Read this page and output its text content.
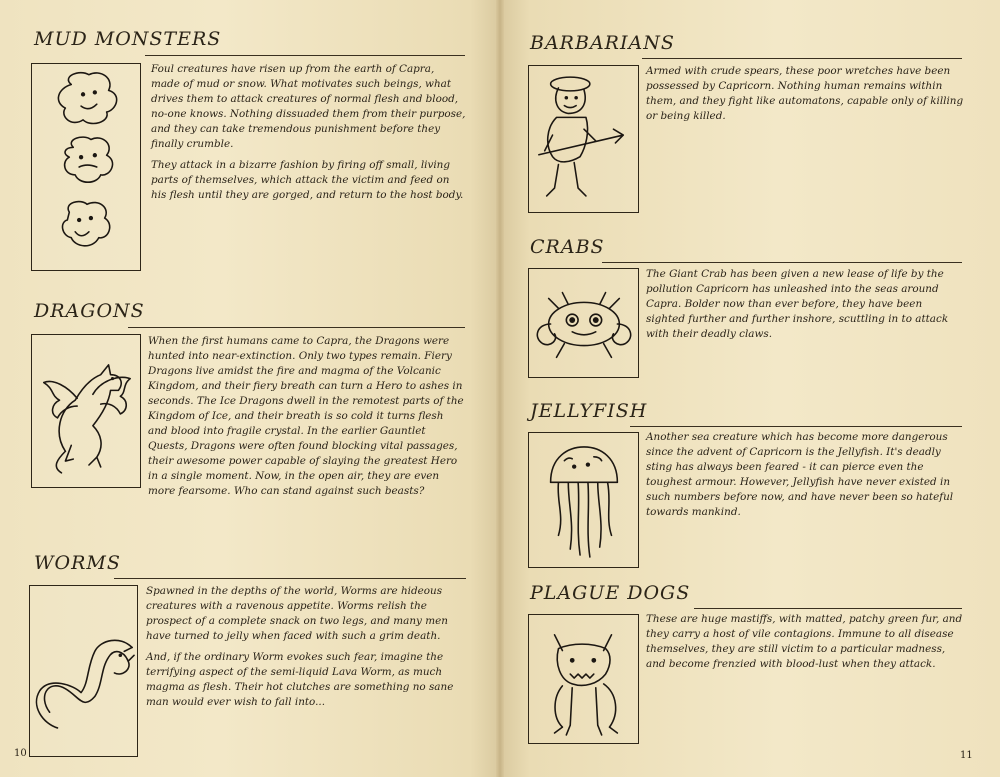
MUD MONSTERS

Foul creatures have risen up from the earth of Capra, made of mud or snow. What motivates such beings, what drives them to attack creatures of normal flesh and blood, no-one knows. Nothing dissuaded them from their purpose, and they can take tremendous punishment before they finally crumble.

They attack in a bizarre fashion by firing off small, living parts of themselves, which attack the victim and feed on his flesh until they are gorged, and return to the host body.

DRAGONS

When the first humans came to Capra, the Dragons were hunted into near-extinction. Only two types remain. Fiery Dragons live amidst the fire and magma of the Volcanic Kingdom, and their fiery breath can turn a Hero to ashes in seconds. The Ice Dragons dwell in the remotest parts of the Kingdom of Ice, and their breath is so cold it turns flesh and blood into fragile crystal. In the earlier Gauntlet Quests, Dragons were often found blocking vital passages, their awesome power capable of slaying the greatest Hero in a single moment. Now, in the open air, they are even more fearsome. Who can stand against such beasts?

WORMS

Spawned in the depths of the world, Worms are hideous creatures with a ravenous appetite. Worms relish the prospect of a complete snack on two legs, and many men have turned to jelly when faced with such a grim death.

And, if the ordinary Worm evokes such fear, imagine the terrifying aspect of the semi-liquid Lava Worm, as much magma as flesh. Their hot clutches are something no sane man would ever wish to fall into...

10
BARBARIANS

Armed with crude spears, these poor wretches have been possessed by Capricorn. Nothing human remains within them, and they fight like automatons, capable only of killing or being killed.

CRABS

The Giant Crab has been given a new lease of life by the pollution Capricorn has unleashed into the seas around Capra. Bolder now than ever before, they have been sighted further and further inshore, scuttling in to attack with their deadly claws.

JELLYFISH

Another sea creature which has become more dangerous since the advent of Capricorn is the Jellyfish. It's deadly sting has always been feared - it can pierce even the toughest armour. However, Jellyfish have never existed in such numbers before now, and have never been so hateful towards mankind.

PLAGUE DOGS

These are huge mastiffs, with matted, patchy green fur, and they carry a host of vile contagions. Immune to all disease themselves, they are still victim to a particular madness, and become frenzied with blood-lust when they attack.

11
